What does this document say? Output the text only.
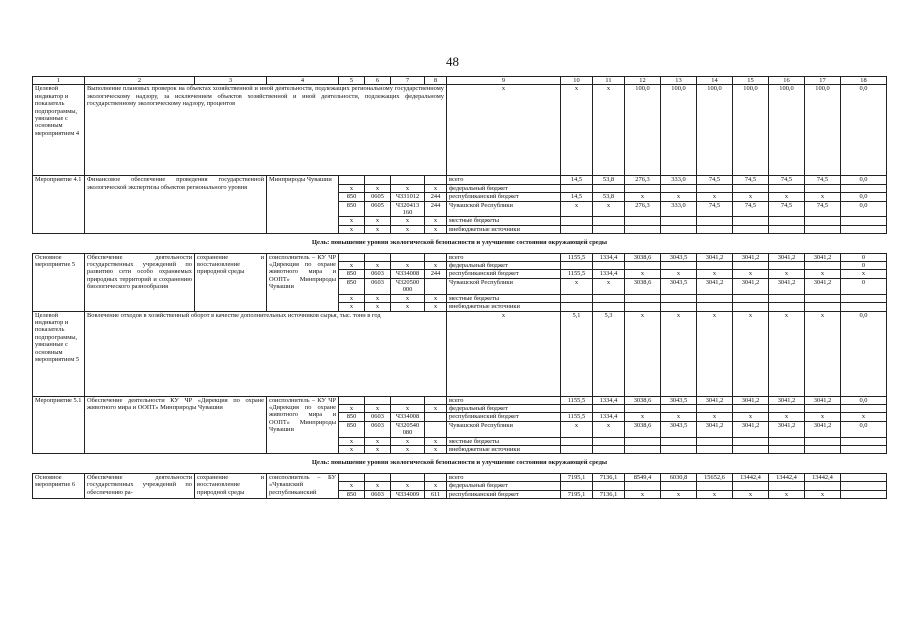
48
1	2	3	4	5	6	7	8	9	10	11	12	13	14	15	16	17	18
Целевой индикатор и показатель подпрограммы, увязанные с основным мероприятием 4	Выполнение плановых проверок на объектах хозяйственной и иной деятельности, подлежащих региональному государственному экологическому надзору, за исключением объектов хозяйственной и иной деятельности, подлежащих федеральному государственному экологическому надзору, процентов							x	x	x	100,0	100,0	100,0	100,0	100,0	100,0	0,0
Мероприятие 4.1	Финансовое обеспечение проведения государственной экологической экспертизы объектов регионального уровня		Минприроды Чувашии					всего	14,5	53,8	276,3	333,0	74,5	74,5	74,5	74,5	0,0
				x	x	x	x	федеральный бюджет									
				850	0605	Ч331012	244	республиканский бюджет	14,5	53,8	x	x	x	x	x	x	0,0
				850	0605	Ч320413 160	244	Чувашской Республики	x	x	276,3	333,0	74,5	74,5	74,5	74,5	0,0
				x	x	x	x	местные бюджеты									
				x	x	x	x	внебюджетные источники									
Цель: повышение уровня экологической безопасности и улучшение состояния окружающей среды																	
Основное мероприятие 5	Обеспечение деятельности государственных учреждений по развитию сети особо охраняемых природных территорий и сохранению биологического разнообразия	сохранение и восстановление природной среды	соисполнитель – КУ ЧР «Дирекция по охране животного мира и ООПТ» Минприроды Чувашии					всего	1155,5	1334,4	3038,6	3043,5	3041,2	3041,2	3041,2	3041,2	0
				x	x	x	x	федеральный бюджет									0
				850	0603	Ч334008	244	республиканский бюджет	1155,5	1334,4	x	x	x	x	x	x	x
				850	0603	Ч320500 000		Чувашской Республики	x	x	3038,6	3043,5	3041,2	3041,2	3041,2	3041,2	0
				x	x	x	x	местные бюджеты									
				x	x	x	x	внебюджетные источники									
Целевой индикатор и показатель подпрограммы, увязанные с основным мероприятием 5	Вовлечение отходов в хозяйственный оборот в качестве дополнительных источников сырья, тыс. тонн в год							x	5,1	5,3	x	x	x	x	x	x	0,0
Мероприятие 5.1	Обеспечение деятельности КУ ЧР «Дирекция по охране животного мира и ООПТ» Минприроды Чувашии		соисполнитель – КУ ЧР «Дирекция по охране животного мира и ООПТ» Минприроды Чувашии					всего	1155,5	1334,4	3038,6	3043,5	3041,2	3041,2	3041,2	3041,2	0,0
				x	x	x	x	федеральный бюджет									
				850	0603	Ч334008		республиканский бюджет	1155,5	1334,4	x	x	x	x	x	x	x
				850	0603	Ч320540 080		Чувашской Республики	x	x	3038,6	3043,5	3041,2	3041,2	3041,2	3041,2	0,0
				x	x	x	x	местные бюджеты									
				x	x	x	x	внебюджетные источники									
Цель: повышение уровня экологической безопасности и улучшение состояния окружающей среды																	
Основное мероприятие 6	Обеспечение деятельности государственных учреждений по обеспечению ра-	сохранение и восстановление природной среды	соисполнитель – БУ «Чувашский республиканский					всего	7195,1	7136,1	8549,4	6030,8	15652,6	13442,4	13442,4	13442,4	
				x	x	x	x	федеральный бюджет									
				850	0603	Ч334009	611	республиканский бюджет	7195,1	7136,1	x	x	x	x	x	x	
